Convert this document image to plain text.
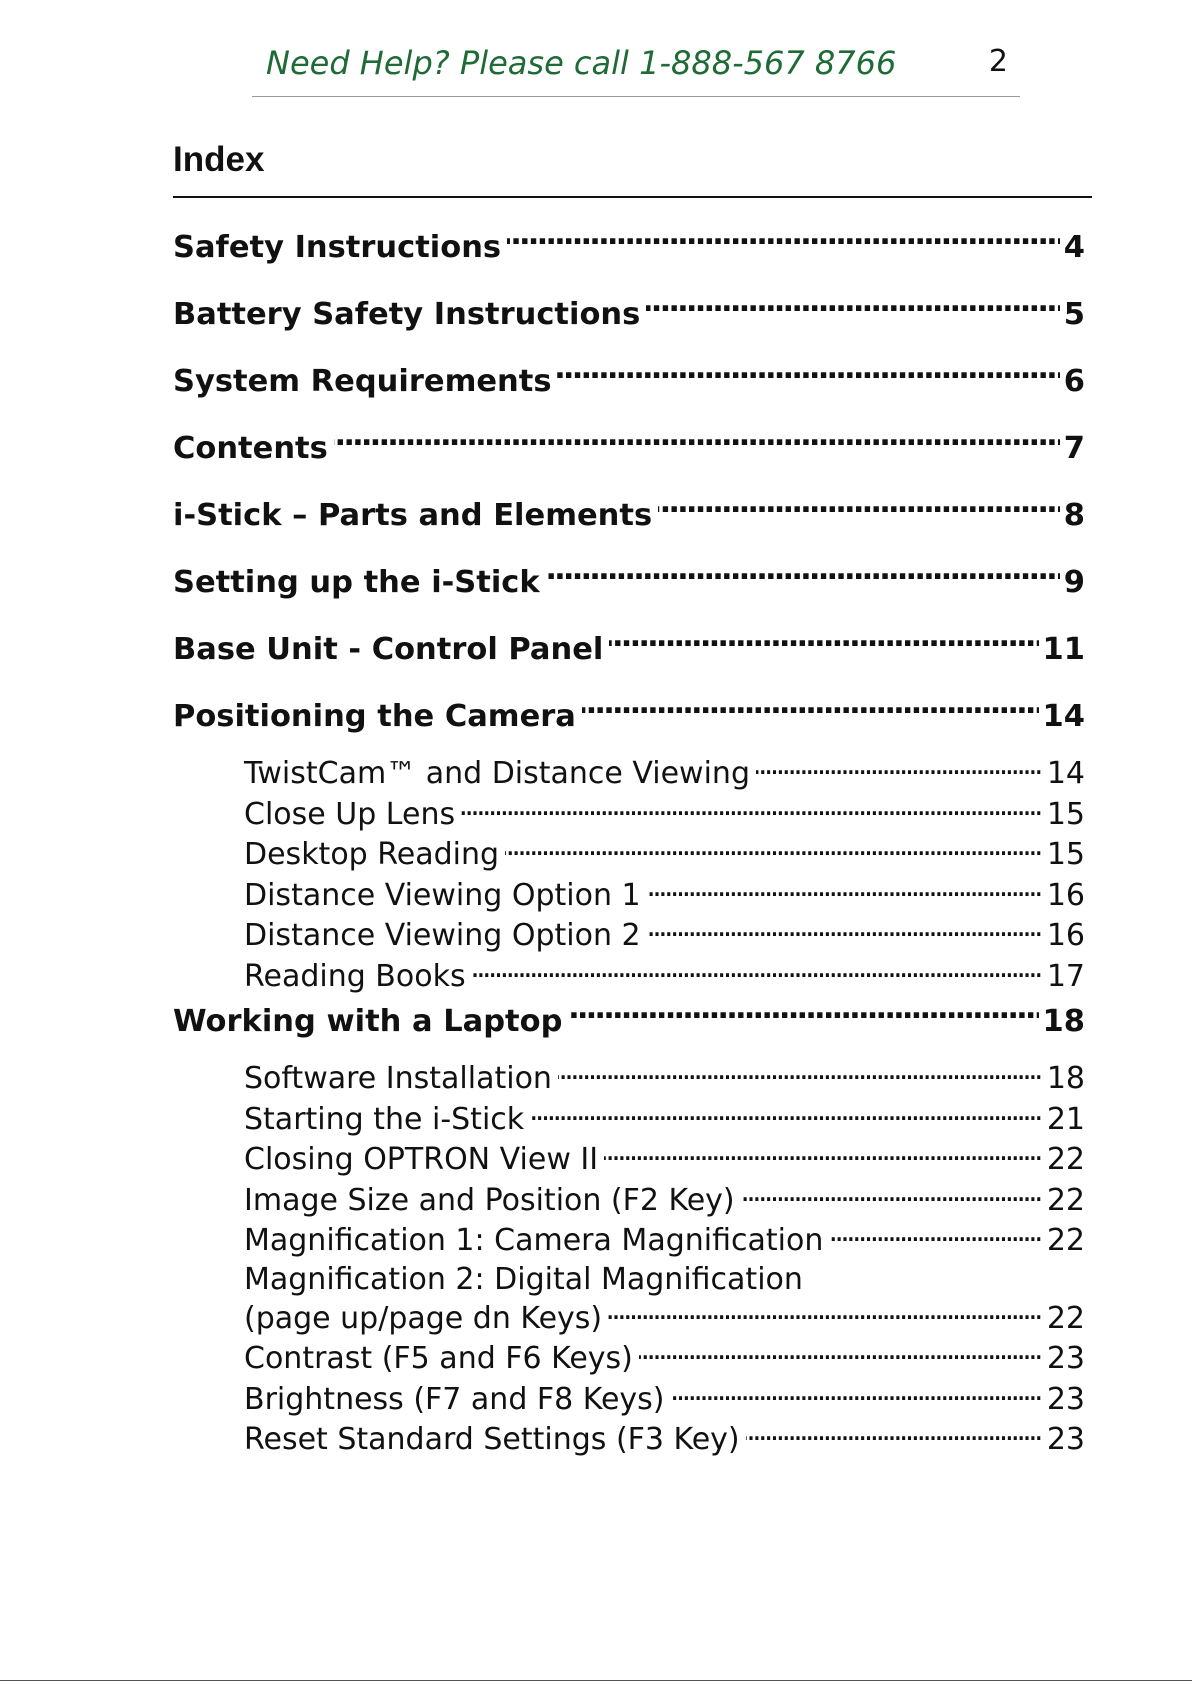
Need Help? Please call 1-888-567 8766	2
Index
Safety Instructions . . .	4
Battery Safety Instructions . . .	5
System Requirements . . .	6
Contents . . .	7
i-Stick – Parts and Elements . . .	8
Setting up the i-Stick . . .	9
Base Unit - Control Panel . . .	11
Positioning the Camera . . .	14
TwistCam™ and Distance Viewing . . .	14
Close Up Lens . . .	15
Desktop Reading . . .	15
Distance Viewing Option 1 . . .	16
Distance Viewing Option 2 . . .	16
Reading Books . . .	17
Working with a Laptop . . .	18
Software Installation . . .	18
Starting the i-Stick . . .	21
Closing OPTRON View II . . .	22
Image Size and Position (F2 Key) . . .	22
Magnification 1: Camera Magnification . . .	22
Magnification 2: Digital Magnification
(page up/page dn Keys) . . .	22
Contrast (F5 and F6 Keys) . . .	23
Brightness (F7 and F8 Keys) . . .	23
Reset Standard Settings (F3 Key) . . .	23
